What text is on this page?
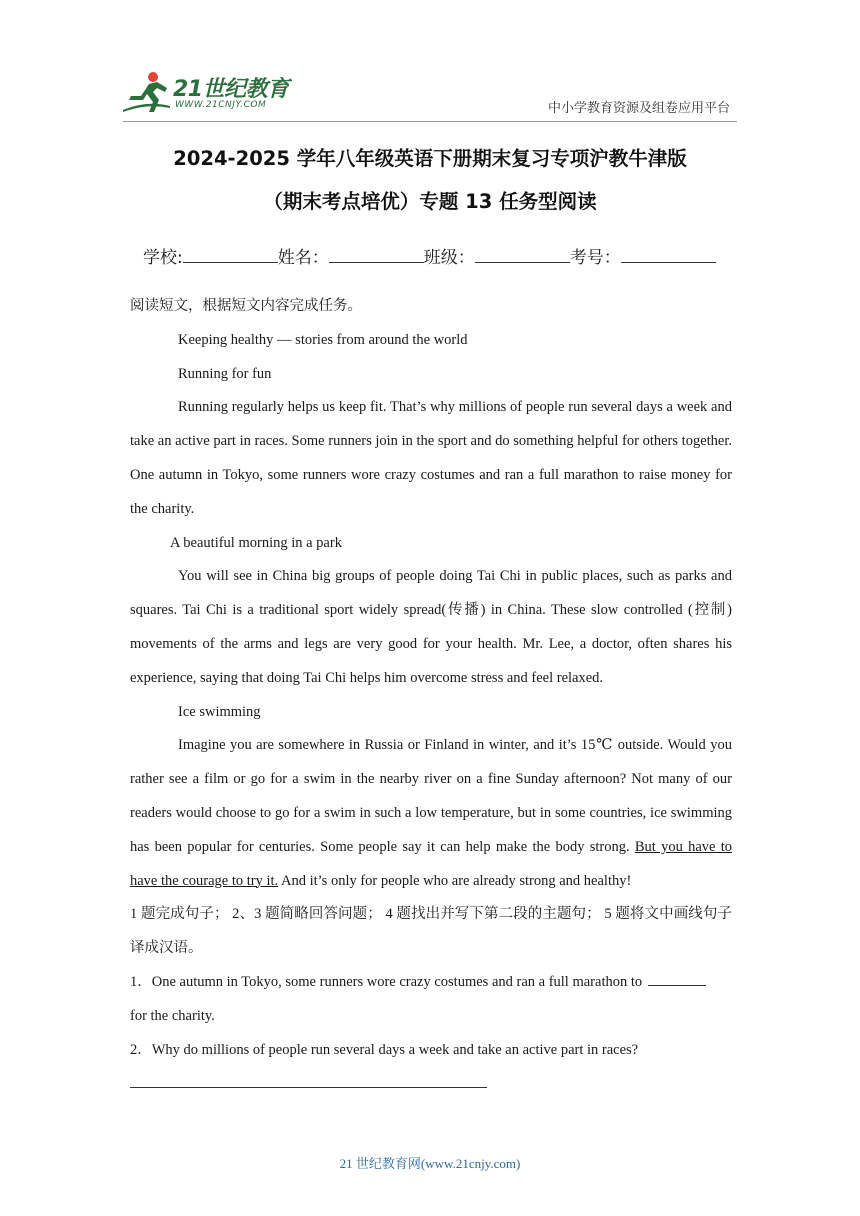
21世纪教育
WWW.21CNJY.COM	中小学教育资源及组卷应用平台
2024-2025 学年八年级英语下册期末复习专项沪教牛津版
（期末考点培优）专题 13 任务型阅读
学校:	姓名：	班级：	考号：

阅读短文，根据短文内容完成任务。

Keeping healthy — stories from around the world

Running for fun

Running regularly helps us keep fit. That’s why millions of people run several days a week and take an active part in races. Some runners join in the sport and do something helpful for others together. One autumn in Tokyo, some runners wore crazy costumes and ran a full marathon to raise money for the charity.

A beautiful morning in a park

You will see in China big groups of people doing Tai Chi in public places, such as parks and squares. Tai Chi is a traditional sport widely spread(传播) in China. These slow controlled (控制) movements of the arms and legs are very good for your health. Mr. Lee, a doctor, often shares his experience, saying that doing Tai Chi helps him overcome stress and feel relaxed.

Ice swimming

Imagine you are somewhere in Russia or Finland in winter, and it’s 15℃ outside. Would you rather see a film or go for a swim in the nearby river on a fine Sunday afternoon? Not many of our readers would choose to go for a swim in such a low temperature, but in some countries, ice swimming has been popular for centuries. Some people say it can help make the body strong. But you have to have the courage to try it. And it’s only for people who are already strong and healthy!

1 题完成句子； 2、3 题简略回答问题； 4 题找出并写下第二段的主题句； 5 题将文中画线句子译成汉语。

1．One autumn in Tokyo, some runners wore crazy costumes and ran a full marathon to

for the charity.

2．Why do millions of people run several days a week and take an active part in races?

21 世纪教育网(www.21cnjy.com)
